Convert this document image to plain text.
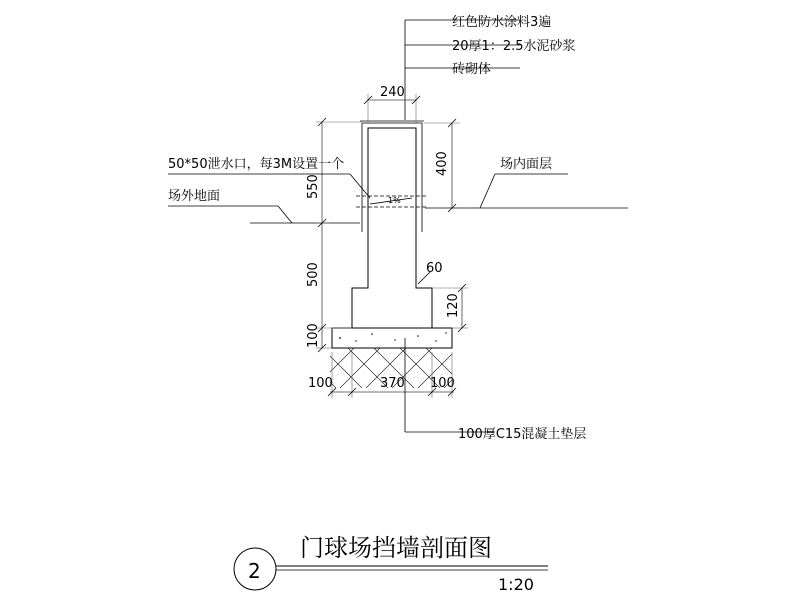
1%
红色防水涂料3遍
20厚1：2.5水泥砂浆
砖砌体
240
400
120
60
550
500
100
100	370 100
100厚C15混凝土垫层
50*50泄水口，每3M设置一个
场外地面
场内面层
2
门球场挡墙剖面图
1:20
